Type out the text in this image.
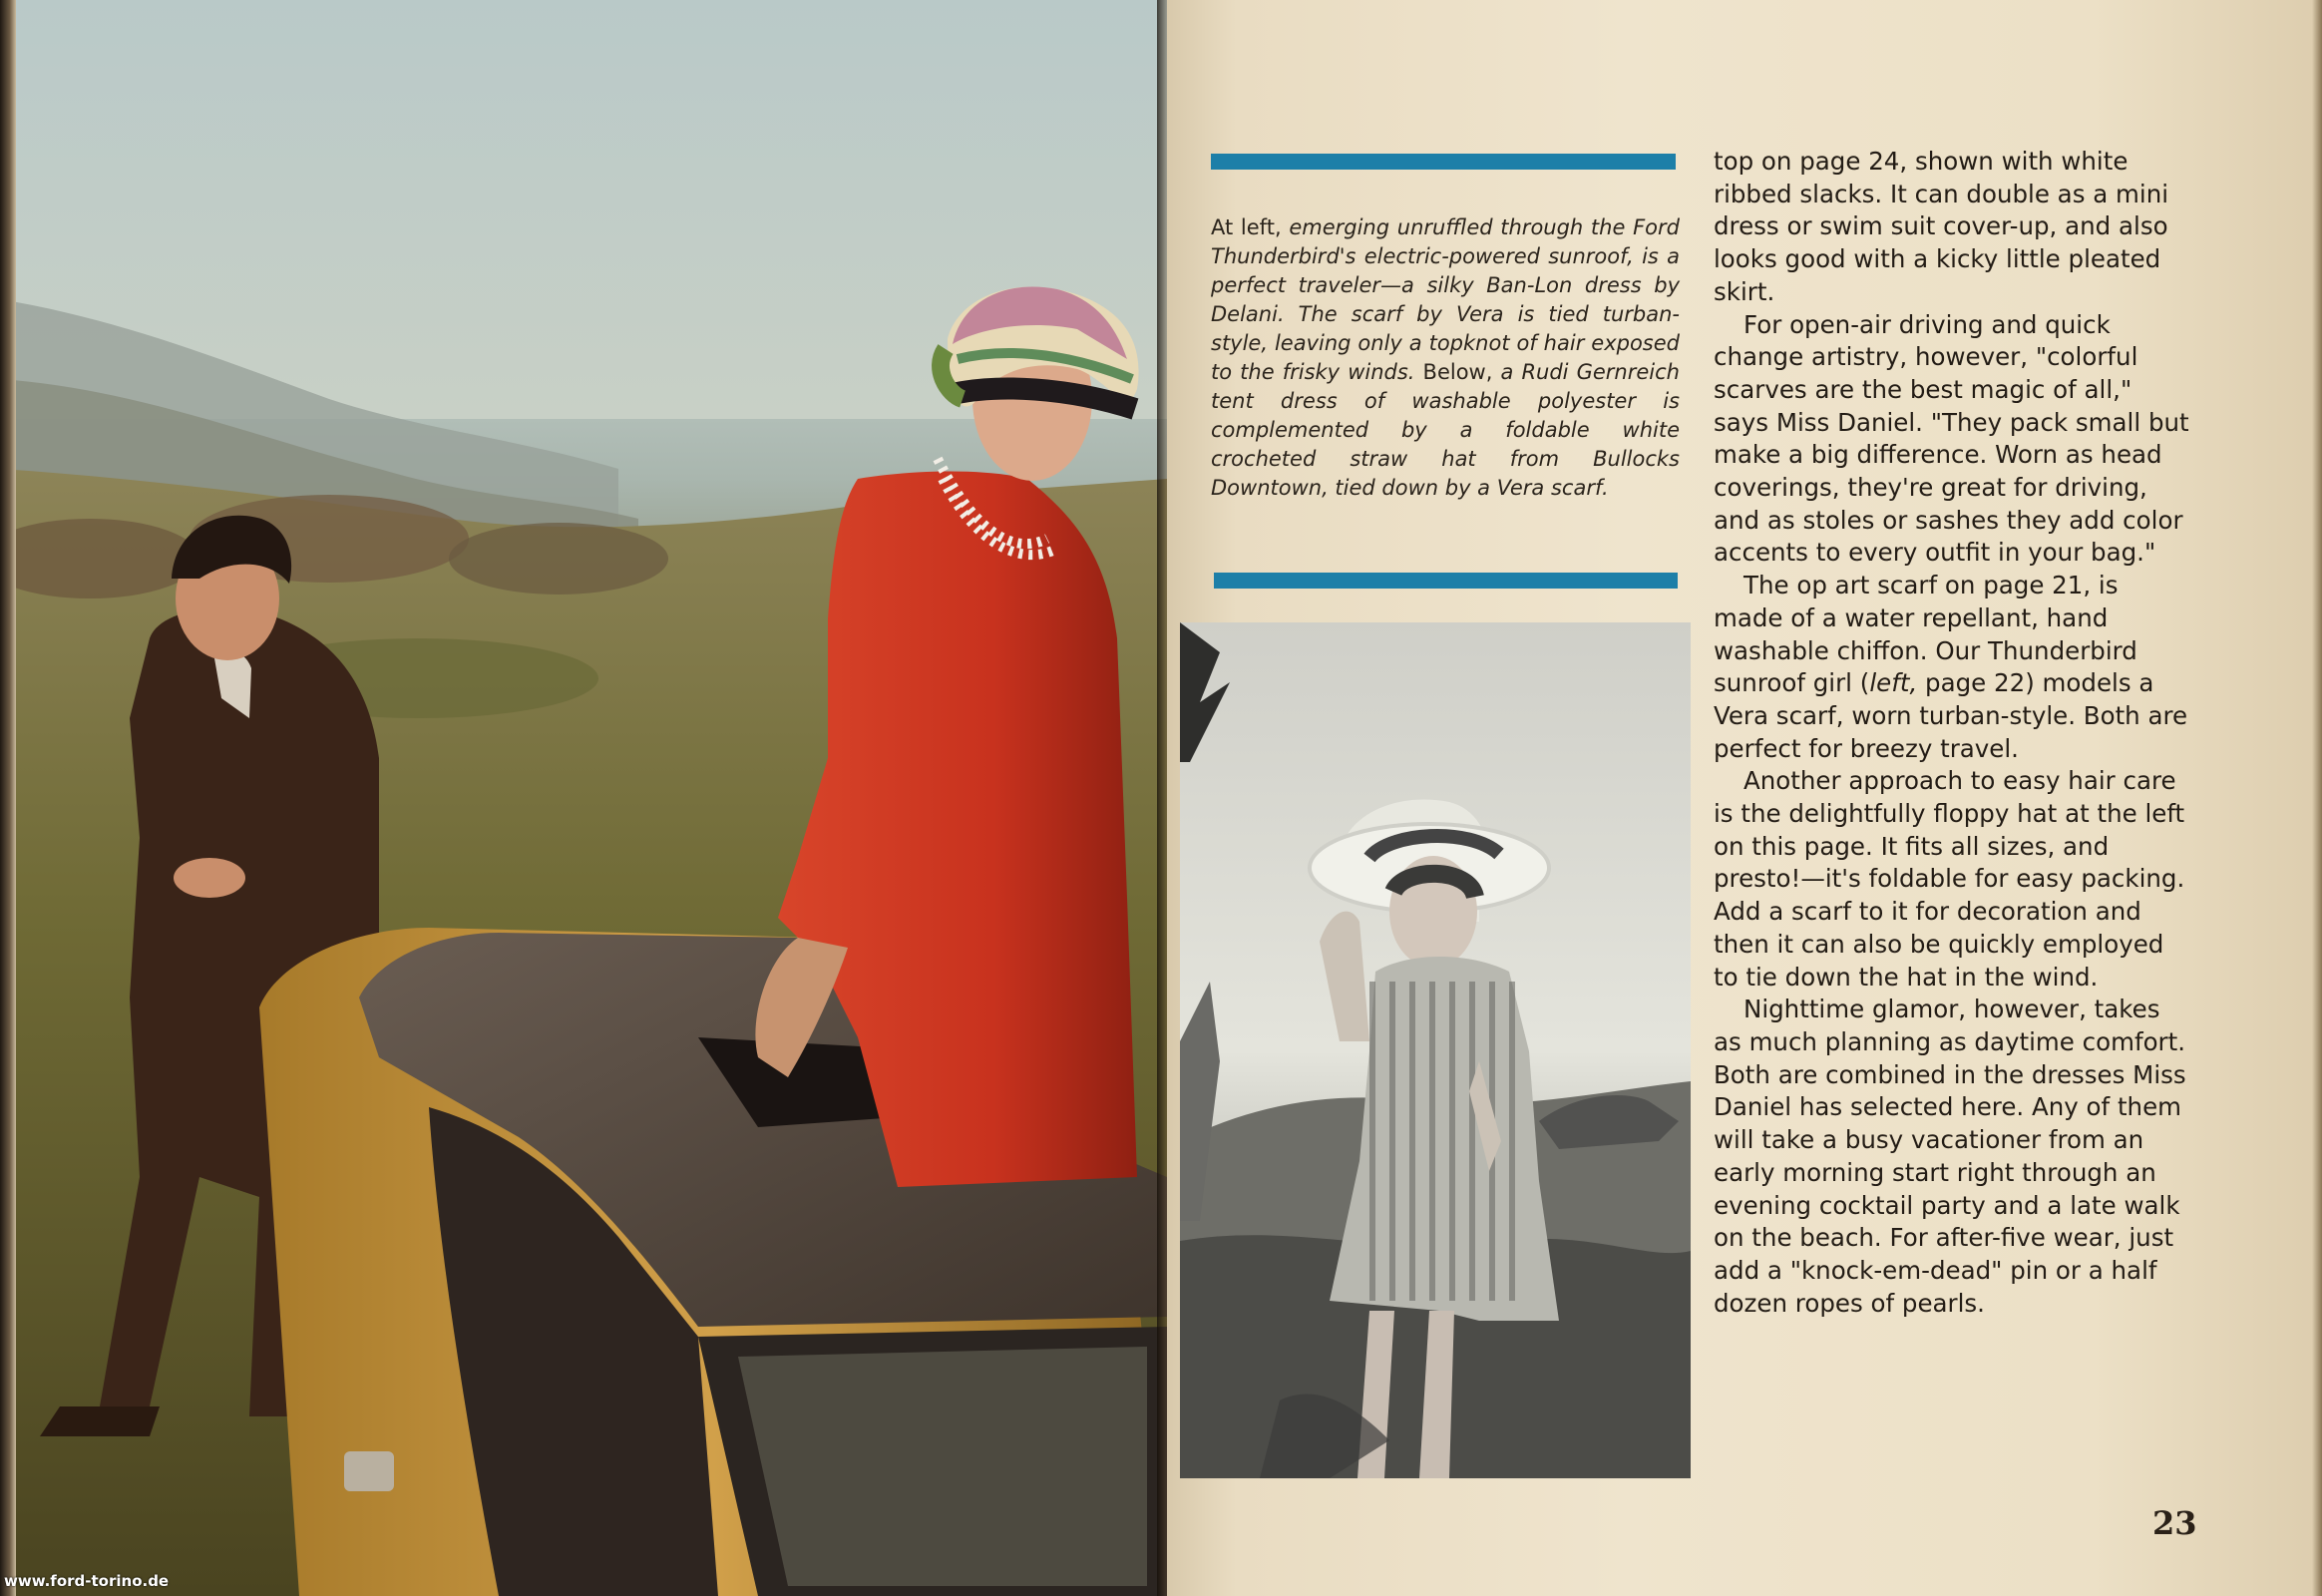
www.ford-torino.de

At left, emerging unruffled through the Ford Thunderbird's electric-powered sunroof, is a perfect traveler—a silky Ban-Lon dress by Delani. The scarf by Vera is tied turban-style, leaving only a topknot of hair exposed to the frisky winds. Below, a Rudi Gernreich tent dress of washable polyester is complemented by a foldable white crocheted straw hat from Bullocks Downtown, tied down by a Vera scarf.

top on page 24, shown with white ribbed slacks. It can double as a mini dress or swim suit cover-up, and also looks good with a kicky little pleated skirt.

For open-air driving and quick change artistry, however, "colorful scarves are the best magic of all," says Miss Daniel. "They pack small but make a big difference. Worn as head coverings, they're great for driving, and as stoles or sashes they add color accents to every outfit in your bag."

The op art scarf on page 21, is made of a water repellant, hand washable chiffon. Our Thunderbird sunroof girl (left, page 22) models a Vera scarf, worn turban-style. Both are perfect for breezy travel.

Another approach to easy hair care is the delightfully floppy hat at the left on this page. It fits all sizes, and presto!—it's foldable for easy packing. Add a scarf to it for decoration and then it can also be quickly employed to tie down the hat in the wind.

Nighttime glamor, however, takes as much planning as daytime comfort. Both are combined in the dresses Miss Daniel has selected here. Any of them will take a busy vacationer from an early morning start right through an evening cocktail party and a late walk on the beach. For after-five wear, just add a "knock-em-dead" pin or a half dozen ropes of pearls.

23
